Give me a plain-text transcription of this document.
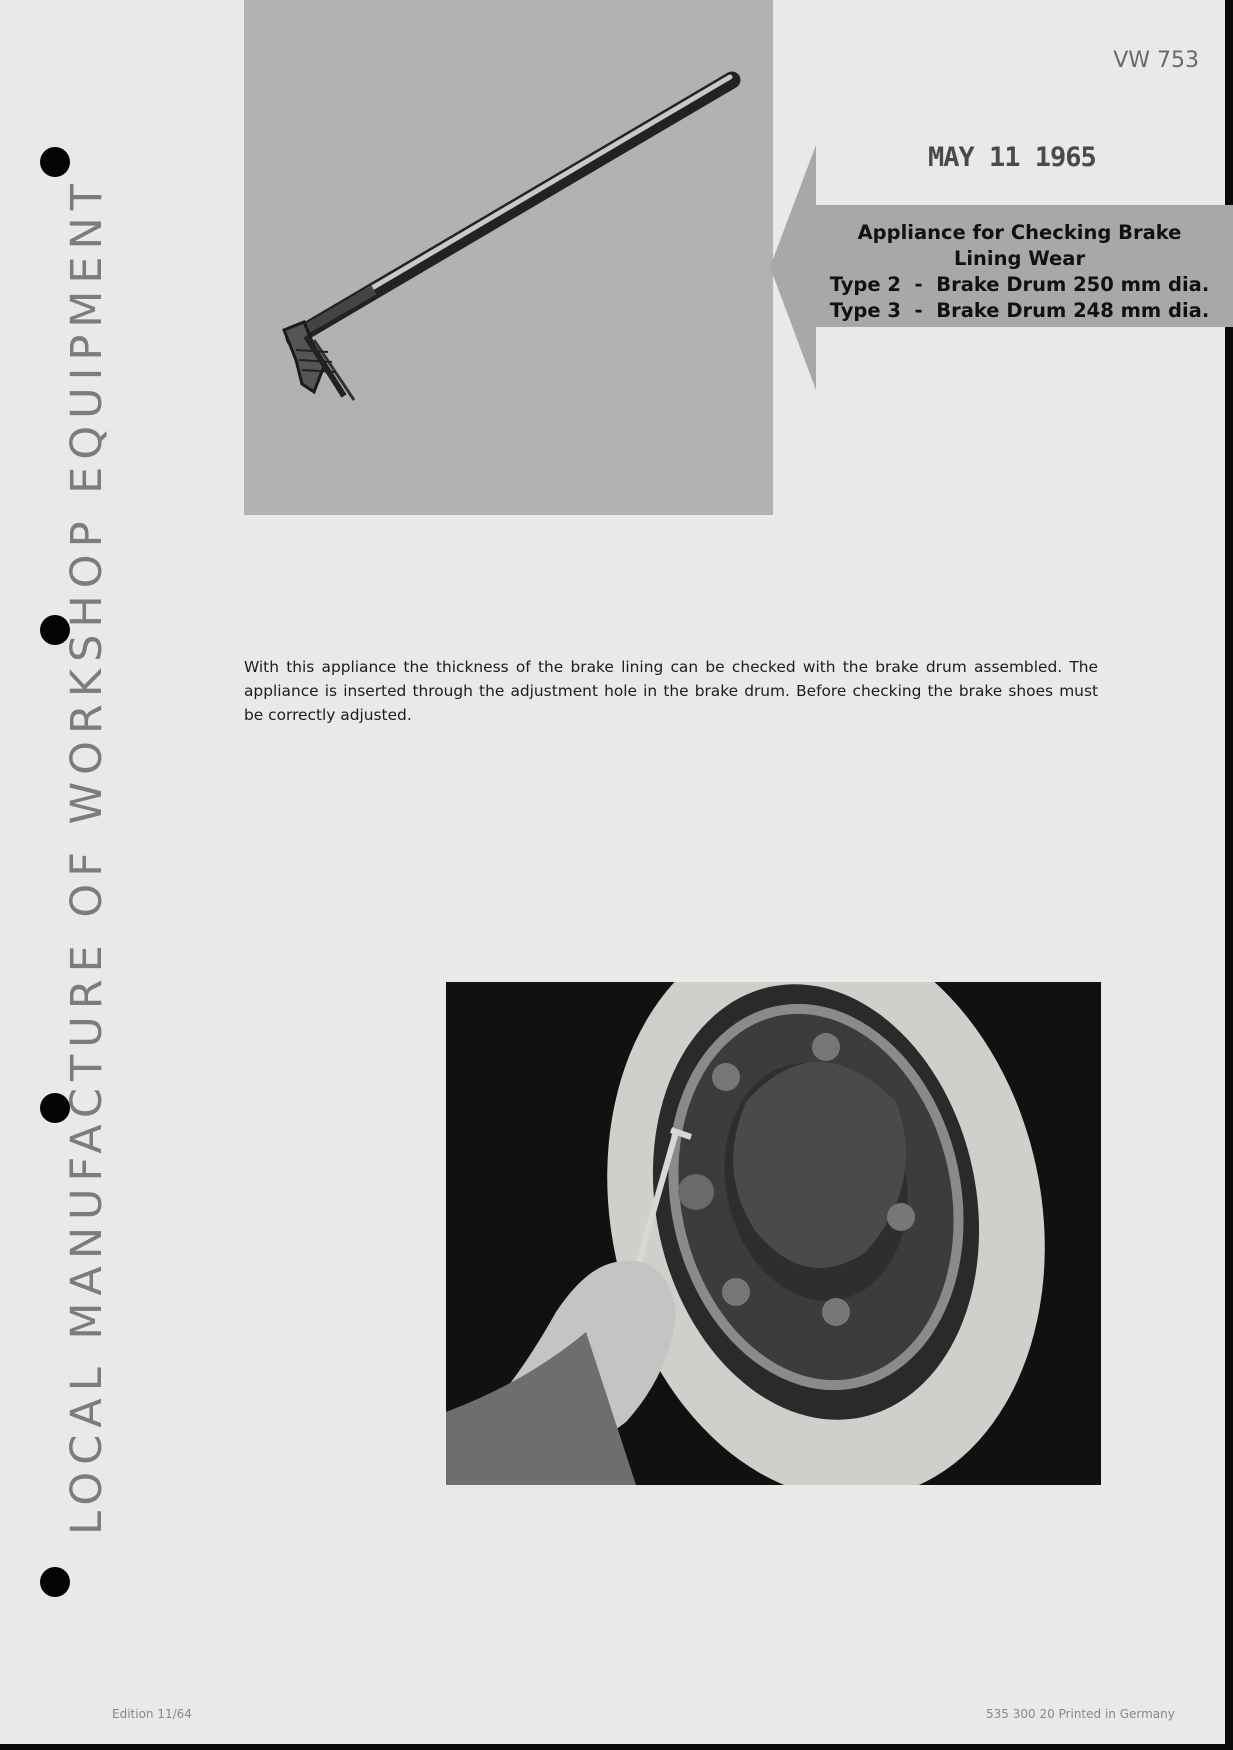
LOCAL MANUFACTURE OF WORKSHOP EQUIPMENT	Appliance for Checking Brake Lining Wear
Type 2  -  Brake Drum 250 mm dia.
Type 3  -  Brake Drum 248 mm dia.
VW 753
MAY 11 1965
With this appliance the thickness of the brake lining can be checked with the brake drum assembled. The appliance is inserted through the adjustment hole in the brake drum. Before checking the brake shoes must be correctly adjusted.
Edition 11/64	535 300 20 Printed in Germany
